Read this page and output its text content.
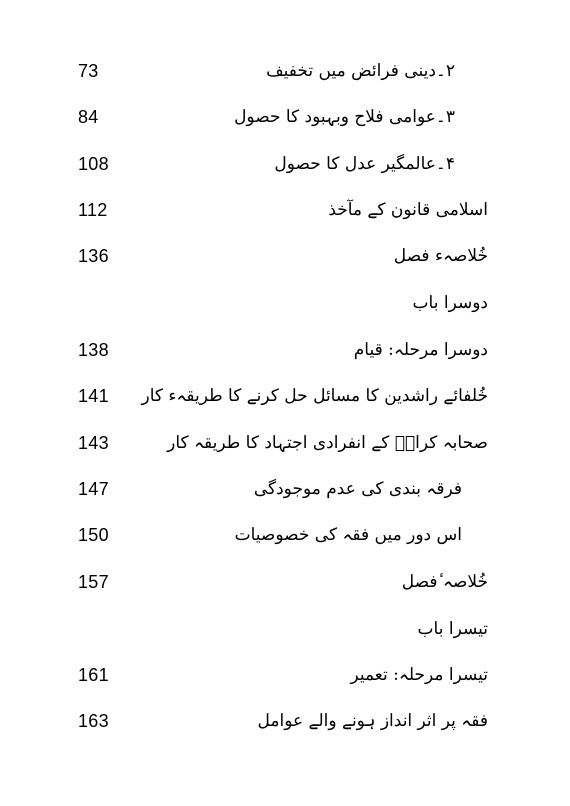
73	۲۔دینی فرائض میں تخفیف
84	۳۔عوامی فلاح وبہبود کا حصول
108	۴۔عالمگیر عدل کا حصول
112	اسلامی قانون کے مآخذ
136	خُلاصہء فصل
دوسرا باب
138	دوسرا مرحلہ: قیام
141 خُلفائے راشدین کا مسائل حل کرنے کا طریقہء کار
143	صحابہ کرامؓ کے انفرادی اجتہاد کا طریقہ کار
147	فرقہ بندی کی عدم موجودگی
150	اس دور میں فقہ کی خصوصیات
157	خُلاصہ ٔفصل
تیسرا باب
161	تیسرا مرحلہ: تعمیر
163	فقہ پر اثر انداز ہونے والے عوامل
